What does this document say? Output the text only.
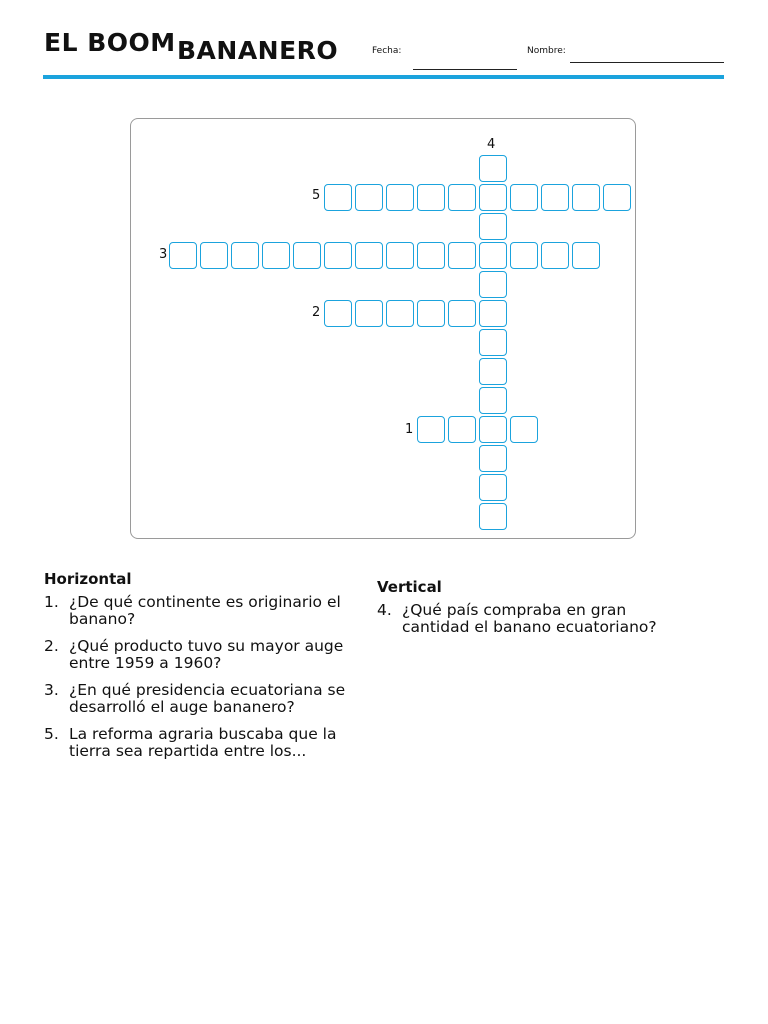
EL BOOM BANANERO	Fecha:	Nombre:
4
5
3
2
1
Horizontal
1. ¿De qué continente es originario el banano?
2. ¿Qué producto tuvo su mayor auge entre 1959 a 1960?
3. ¿En qué presidencia ecuatoriana se desarrolló el auge bananero?
5. La reforma agraria buscaba que la tierra sea repartida entre los...
Vertical
4. ¿Qué país compraba en gran cantidad el banano ecuatoriano?
